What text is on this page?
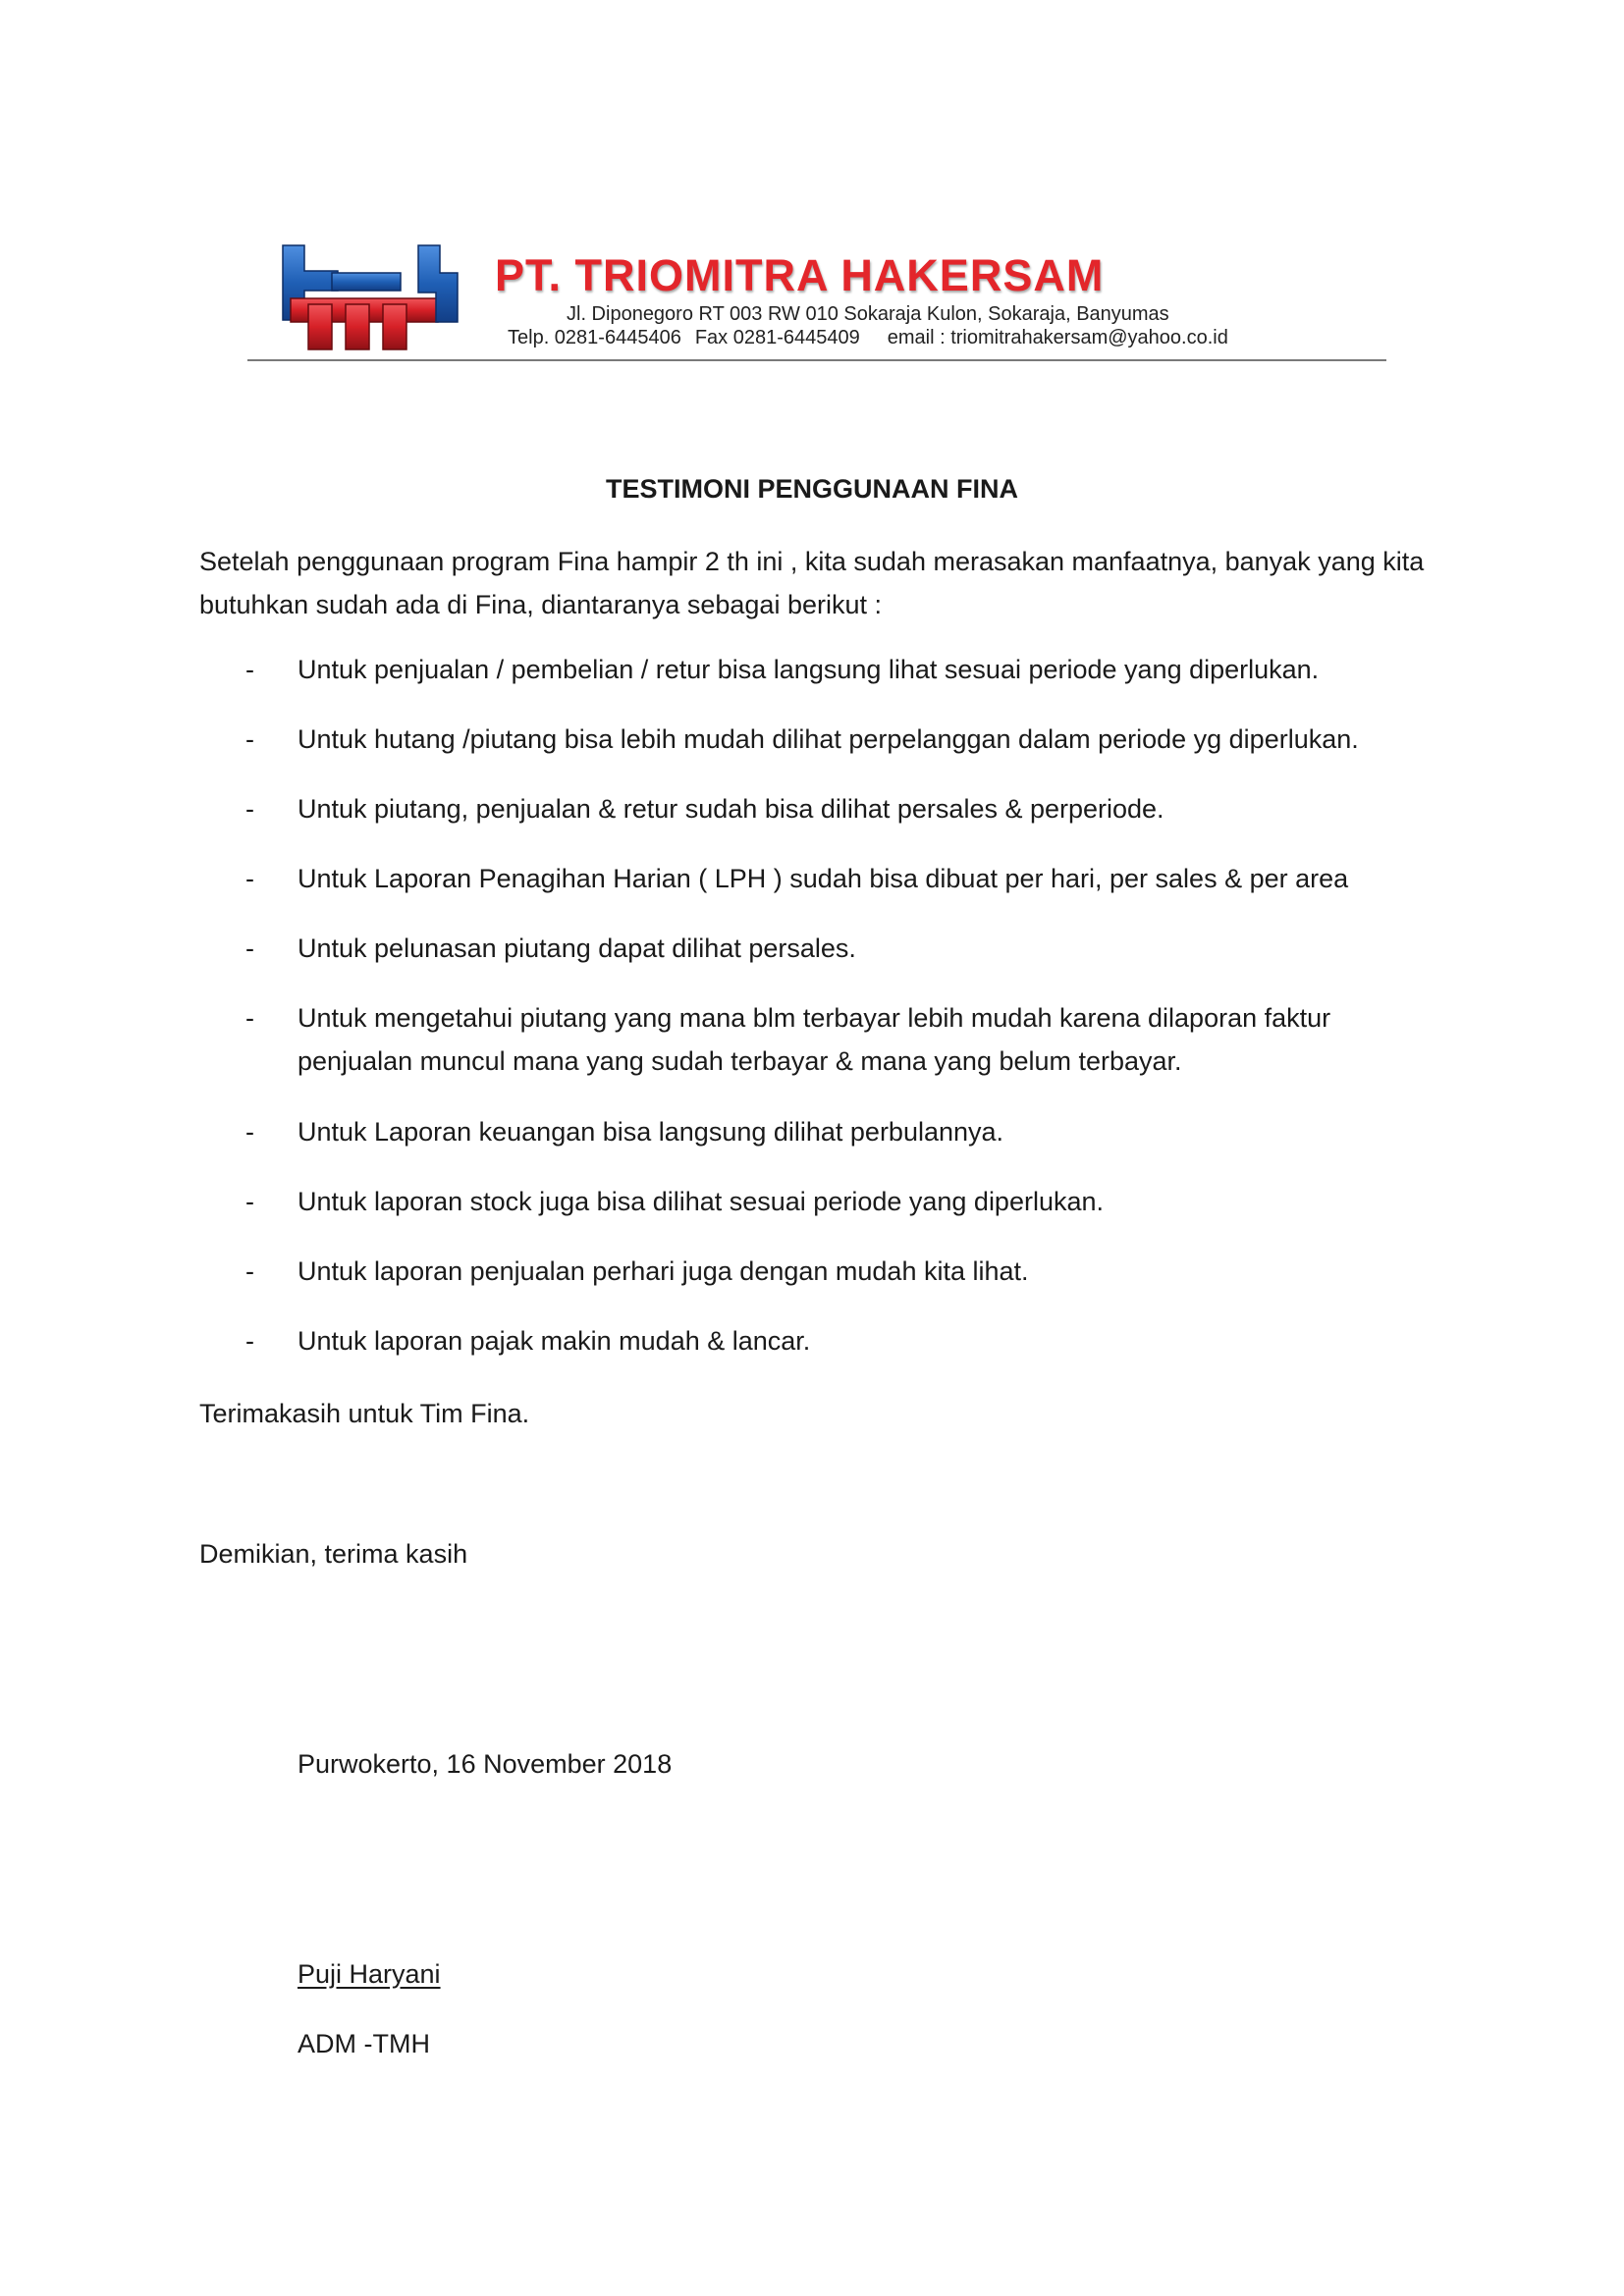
PT. TRIOMITRA HAKERSAM
Jl. Diponegoro RT 003 RW 010 Sokaraja Kulon, Sokaraja, Banyumas
Telp. 0281-6445406 Fax 0281-6445409 email : triomitrahakersam@yahoo.co.id
TESTIMONI PENGGUNAAN FINA

Setelah penggunaan program Fina hampir 2 th ini , kita sudah merasakan manfaatnya, banyak yang kita butuhkan sudah ada di Fina, diantaranya sebagai berikut :

- Untuk penjualan / pembelian / retur bisa langsung lihat sesuai periode yang diperlukan.
- Untuk hutang /piutang bisa lebih mudah dilihat perpelanggan dalam periode yg diperlukan.
- Untuk piutang, penjualan & retur sudah bisa dilihat persales & perperiode.
- Untuk Laporan Penagihan Harian ( LPH ) sudah bisa dibuat per hari, per sales & per area
- Untuk pelunasan piutang dapat dilihat persales.
- Untuk mengetahui piutang yang mana blm terbayar lebih mudah karena dilaporan faktur penjualan muncul mana yang sudah terbayar & mana yang belum terbayar.
- Untuk Laporan keuangan bisa langsung dilihat perbulannya.
- Untuk laporan stock juga bisa dilihat sesuai periode yang diperlukan.
- Untuk laporan penjualan perhari juga dengan mudah kita lihat.
- Untuk laporan pajak makin mudah & lancar.

Terimakasih untuk Tim Fina.

Demikian, terima kasih

Purwokerto, 16 November 2018

Puji Haryani

ADM -TMH
